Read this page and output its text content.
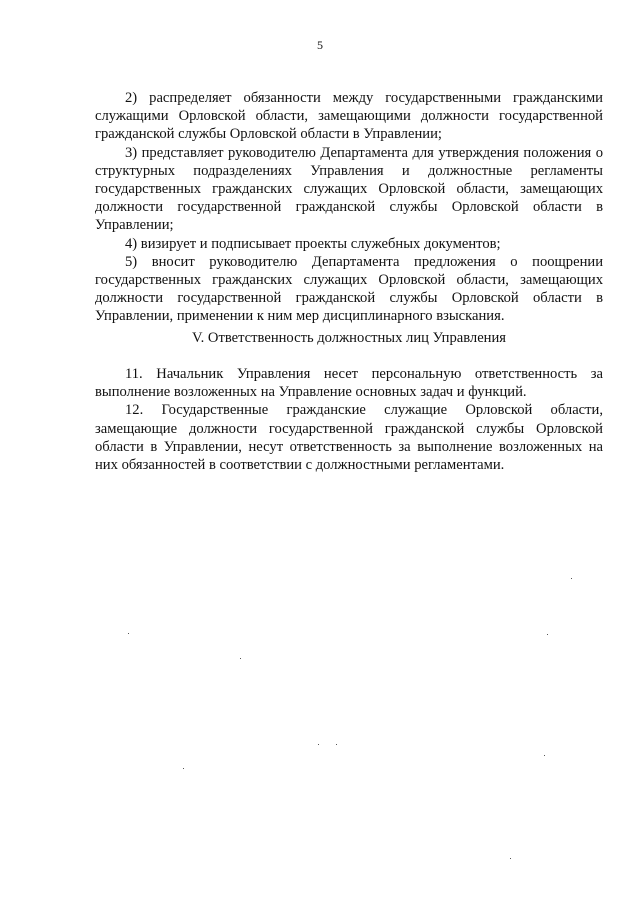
5

2) распределяет обязанности между государственными гражданскими служащими Орловской области, замещающими должности государственной гражданской службы Орловской области в Управлении;

3) представляет руководителю Департамента для утверждения положения о структурных подразделениях Управления и должностные регламенты государственных гражданских служащих Орловской области, замещающих должности государственной гражданской службы Орловской области в Управлении;

4) визирует и подписывает проекты служебных документов;

5) вносит руководителю Департамента предложения о поощрении государственных гражданских служащих Орловской области, замещающих должности государственной гражданской службы Орловской области в Управлении, применении к ним мер дисциплинарного взыскания.

V. Ответственность должностных лиц Управления

11. Начальник Управления несет персональную ответственность за выполнение возложенных на Управление основных задач и функций.

12. Государственные гражданские служащие Орловской области, замещающие должности государственной гражданской службы Орловской области в Управлении, несут ответственность за выполнение возложенных на них обязанностей в соответствии с должностными регламентами.
